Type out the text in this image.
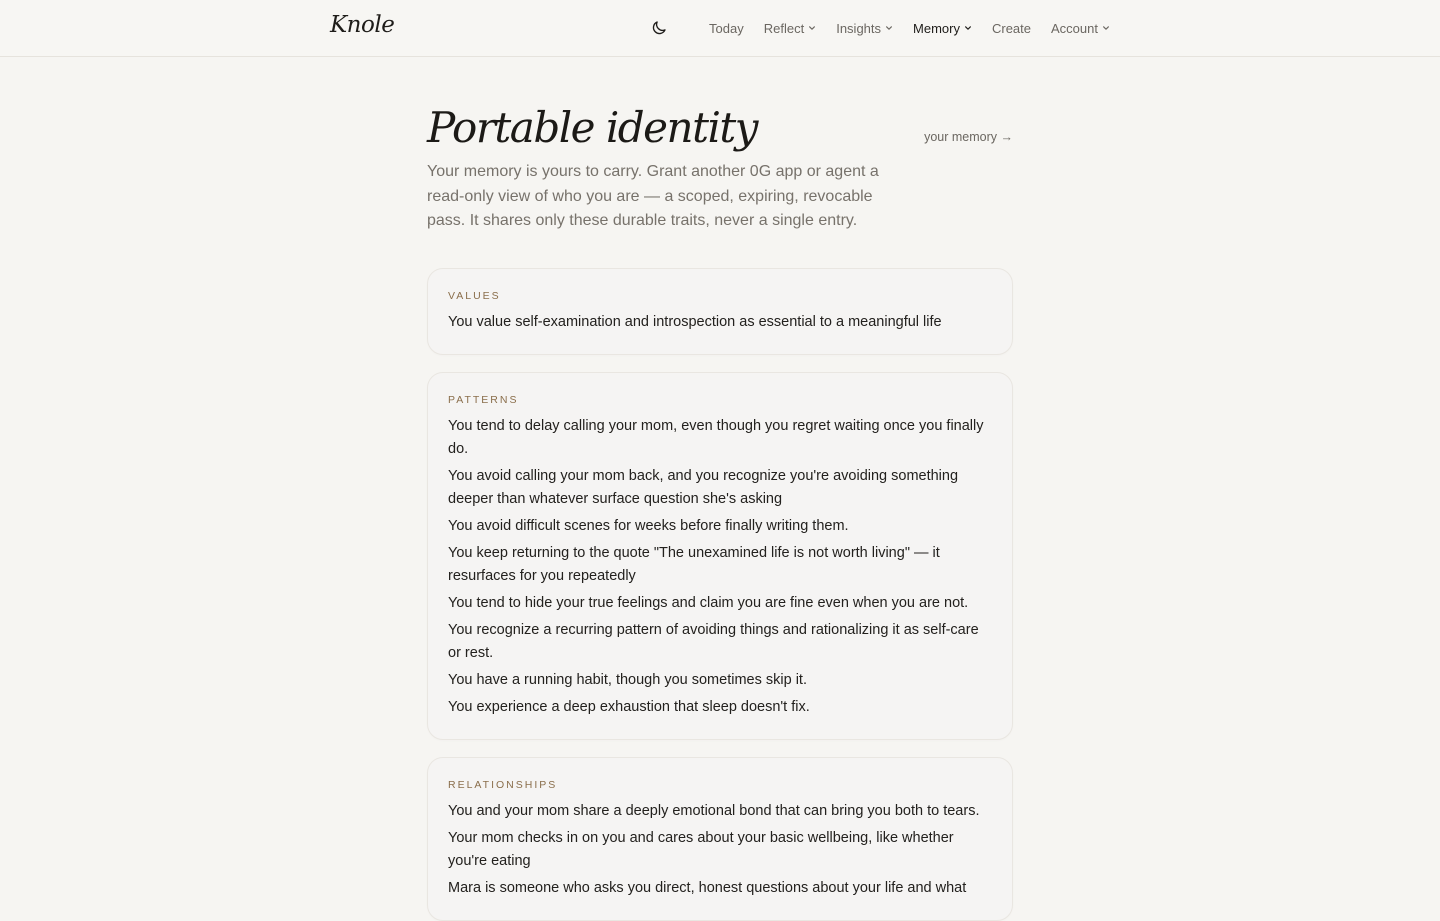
Knole	Today Reflect Insights Memory Create Account
Portable identity	your memory →
Your memory is yours to carry. Grant another 0G app or agent a read-only view of who you are — a scoped, expiring, revocable pass. It shares only these durable traits, never a single entry.
VALUES
You value self-examination and introspection as essential to a meaningful life
PATTERNS
You tend to delay calling your mom, even though you regret waiting once you finally do.
You avoid calling your mom back, and you recognize you're avoiding something deeper than whatever surface question she's asking
You avoid difficult scenes for weeks before finally writing them.
You keep returning to the quote "The unexamined life is not worth living" — it resurfaces for you repeatedly
You tend to hide your true feelings and claim you are fine even when you are not.
You recognize a recurring pattern of avoiding things and rationalizing it as self-care or rest.
You have a running habit, though you sometimes skip it.
You experience a deep exhaustion that sleep doesn't fix.
RELATIONSHIPS
You and your mom share a deeply emotional bond that can bring you both to tears.
Your mom checks in on you and cares about your basic wellbeing, like whether you're eating
Mara is someone who asks you direct, honest questions about your life and what
